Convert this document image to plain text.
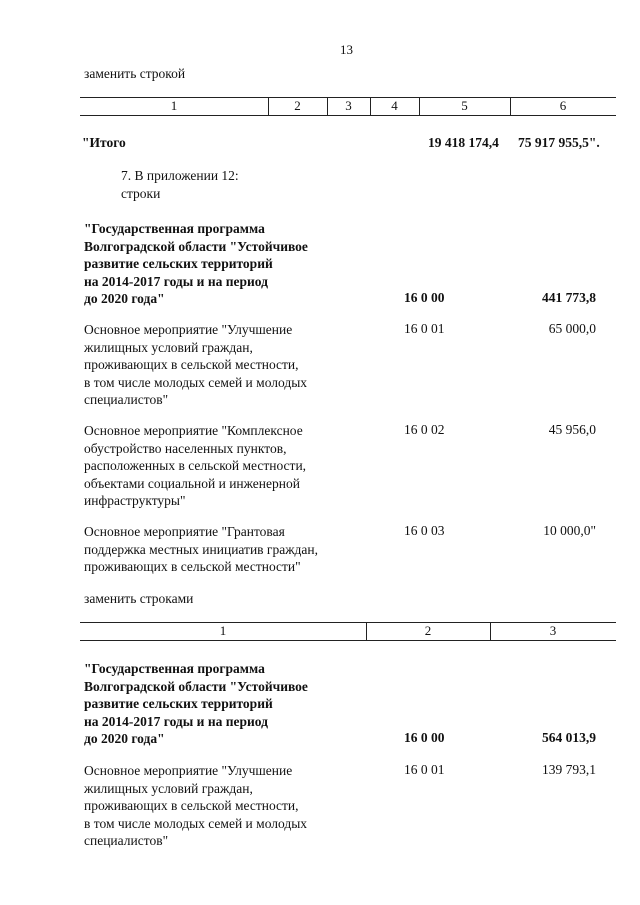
13
заменить строкой
1	2	3	4	5	6
"Итого	19 418 174,4 75 917 955,5".
7. В приложении 12:
строки
"Государственная программа
Волгоградской области "Устойчивое
развитие сельских территорий
на 2014-2017 годы и на период
до 2020 года"	16 0 00	441 773,8
Основное мероприятие "Улучшение
жилищных условий граждан,
проживающих в сельской местности,
в том числе молодых семей и молодых
специалистов"
16 0 01	65 000,0
Основное мероприятие "Комплексное
обустройство населенных пунктов,
расположенных в сельской местности,
объектами социальной и инженерной
инфраструктуры"
16 0 02	45 956,0
Основное мероприятие "Грантовая
поддержка местных инициатив граждан,
проживающих в сельской местности"
16 0 03	10 000,0"
заменить строками
1	2	3
"Государственная программа
Волгоградской области "Устойчивое
развитие сельских территорий
на 2014-2017 годы и на период
до 2020 года"	16 0 00	564 013,9
Основное мероприятие "Улучшение
жилищных условий граждан,
проживающих в сельской местности,
в том числе молодых семей и молодых
специалистов"
16 0 01	139 793,1
